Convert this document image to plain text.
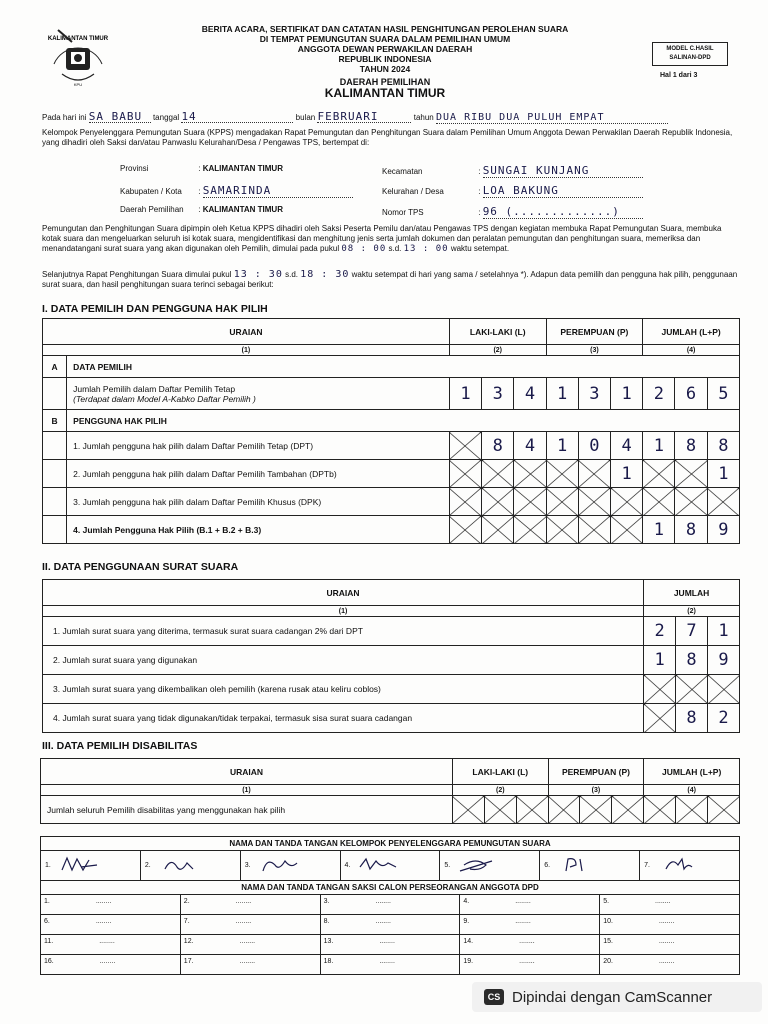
KALIMANTAN TIMUR
KPU
BERITA ACARA, SERTIFIKAT DAN CATATAN HASIL PENGHITUNGAN PEROLEHAN SUARA
DI TEMPAT PEMUNGUTAN SUARA DALAM PEMILIHAN UMUM
ANGGOTA DEWAN PERWAKILAN DAERAH
REPUBLIK INDONESIA
TAHUN 2024
DAERAH PEMILIHAN
KALIMANTAN TIMUR
MODEL C.HASIL
SALINAN-DPD
Hal 1 dari 3
Pada hari ini SA BABU tanggal 14	bulan FEBRUARI	tahun DUA RIBU DUA PULUH EMPAT
Kelompok Penyelenggara Pemungutan Suara (KPPS) mengadakan Rapat Pemungutan dan Penghitungan Suara dalam Pemilihan Umum Anggota Dewan Perwakilan Daerah Republik Indonesia, yang dihadiri oleh Saksi dan/atau Panwaslu Kelurahan/Desa / Pengawas TPS, bertempat di:
Provinsi	: KALIMANTAN TIMUR
Kabupaten / Kota : SAMARINDA
Daerah Pemilihan : KALIMANTAN TIMUR
Kecamatan	: SUNGAI KUNJANG
Kelurahan / Desa	: LOA BAKUNG
Nomor TPS	: 96 (.............)
Pemungutan dan Penghitungan Suara dipimpin oleh Ketua KPPS dihadiri oleh Saksi Peserta Pemilu dan/atau Pengawas TPS dengan kegiatan membuka Rapat Pemungutan Suara, membuka kotak suara dan mengeluarkan seluruh isi kotak suara, mengidentifikasi dan menghitung jenis serta jumlah dokumen dan peralatan pemungutan dan penghitungan suara, memeriksa dan menandatangani surat suara yang akan digunakan oleh Pemilih, dimulai pada pukul 08 : 00 s.d. 13 : 00 waktu setempat.
Selanjutnya Rapat Penghitungan Suara dimulai pukul 13 : 30 s.d. 18 : 30 waktu setempat di hari yang sama / setelahnya *). Adapun data pemilih dan pengguna hak pilih, penggunaan surat suara, dan hasil penghitungan suara terinci sebagai berikut:
I. DATA PEMILIH DAN PENGGUNA HAK PILIH
URAIAN		LAKI-LAKI (L)			PEREMPUAN (P)			JUMLAH (L+P)		
(1)		(2)			(3)			(4)		
A	DATA PEMILIH									

	Jumlah Pemilih dalam Daftar Pemilih Tetap
(Terdapat dalam Model A-Kabko Daftar Pemilih )	1	3	4	1	3	1	2	6	5
B	PENGGUNA HAK PILIH									
	1. Jumlah pengguna hak pilih dalam Daftar Pemilih Tetap (DPT)		8	4	1	0	4	1	8	8
	2. Jumlah pengguna hak pilih dalam Daftar Pemilih Tambahan (DPTb)						1			1
	3. Jumlah pengguna hak pilih dalam Daftar Pemilih Khusus (DPK)									
	4. Jumlah Pengguna Hak Pilih (B.1 + B.2 + B.3)							1	8	9
II. DATA PENGGUNAAN SURAT SUARA
URAIAN	JUMLAH		
(1)	(2)		
1. Jumlah surat suara yang diterima, termasuk surat suara cadangan 2% dari DPT	2	7	1
2. Jumlah surat suara yang digunakan	1	8	9
3. Jumlah surat suara yang dikembalikan oleh pemilih (karena rusak atau keliru coblos)			
4. Jumlah surat suara yang tidak digunakan/tidak terpakai, termasuk sisa surat suara cadangan		8	2
III. DATA PEMILIH DISABILITAS
URAIAN	LAKI-LAKI (L)			PEREMPUAN (P)			JUMLAH (L+P)		
(1)	(2)			(3)			(4)		
Jumlah seluruh Pemilih disabilitas yang menggunakan hak pilih									
NAMA DAN TANDA TANGAN KELOMPOK PENYELENGGARA PEMUNGUTAN SUARA
1.	2.	3.	4.	5.	6.	7.
NAMA DAN TANDA TANGAN SAKSI CALON PERSEORANGAN ANGGOTA DPD
1. ........	2. ........	3. ........	4. ........	5. ........
6. ........	7. ........	8. ........	9. ........	10. ........
11. ........	12. ........	13. ........	14. ........	15. ........
16. ........	17. ........	18. ........	19. ........	20. ........
CS Dipindai dengan CamScanner
